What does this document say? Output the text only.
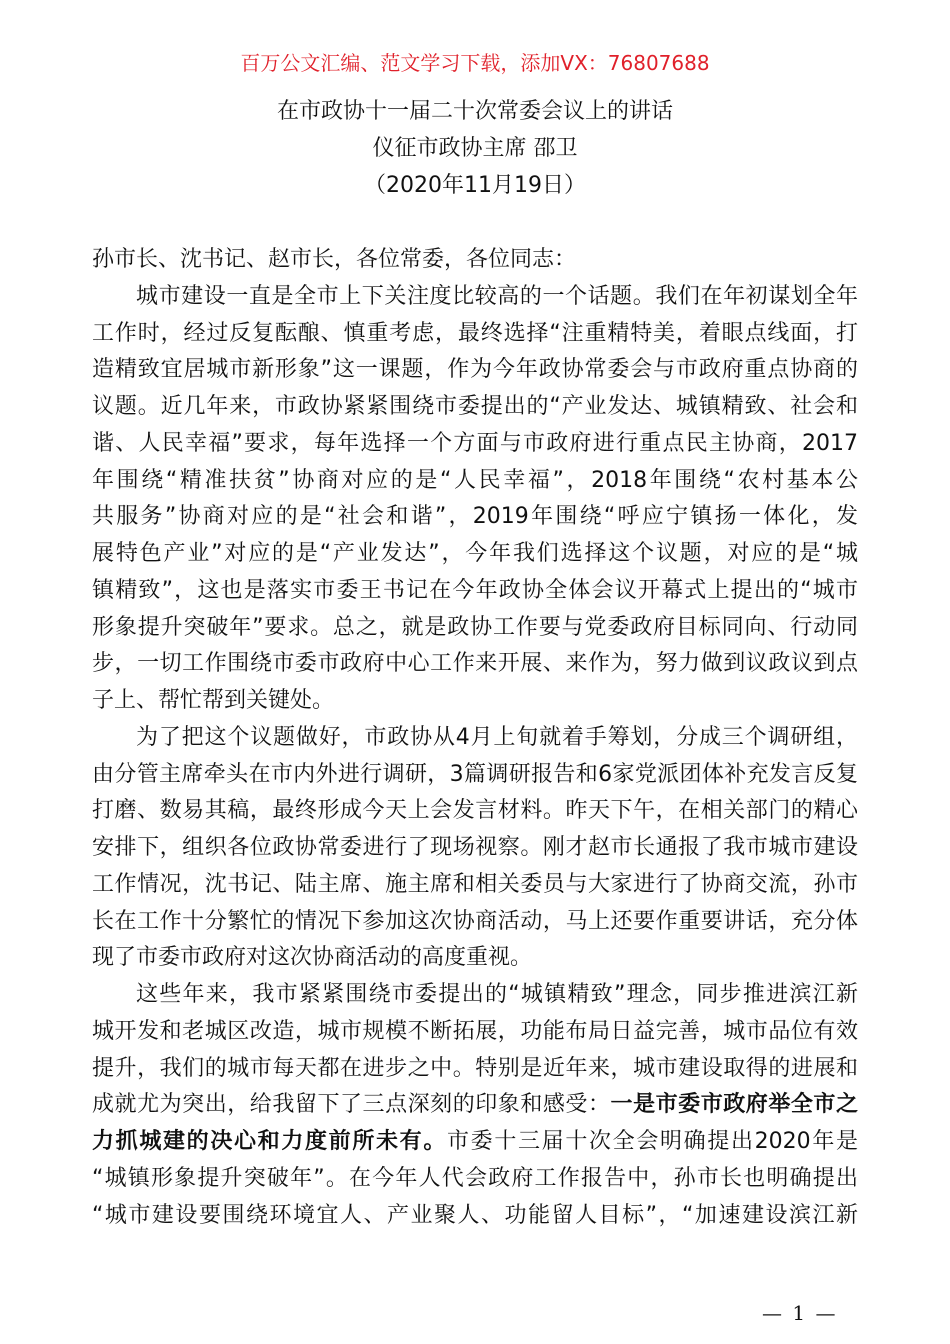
百万公文汇编、范文学习下载，添加VX：76807688
在市政协十一届二十次常委会议上的讲话
仪征市政协主席 邵卫
（2020年11月19日）
孙市长、沈书记、赵市长，各位常委，各位同志：
城市建设一直是全市上下关注度比较高的一个话题。我们在年初谋划全年
工作时，经过反复酝酿、慎重考虑，最终选择“注重精特美，着眼点线面，打
造精致宜居城市新形象”这一课题，作为今年政协常委会与市政府重点协商的
议题。近几年来，市政协紧紧围绕市委提出的“产业发达、城镇精致、社会和
谐、人民幸福”要求，每年选择一个方面与市政府进行重点民主协商，2017
年围绕“精准扶贫”协商对应的是“人民幸福”，2018年围绕“农村基本公
共服务”协商对应的是“社会和谐”，2019年围绕“呼应宁镇扬一体化，发
展特色产业”对应的是“产业发达”，今年我们选择这个议题，对应的是“城
镇精致”，这也是落实市委王书记在今年政协全体会议开幕式上提出的“城市
形象提升突破年”要求。总之，就是政协工作要与党委政府目标同向、行动同
步，一切工作围绕市委市政府中心工作来开展、来作为，努力做到议政议到点
子上、帮忙帮到关键处。
为了把这个议题做好，市政协从4月上旬就着手筹划，分成三个调研组，
由分管主席牵头在市内外进行调研，3篇调研报告和6家党派团体补充发言反复
打磨、数易其稿，最终形成今天上会发言材料。昨天下午，在相关部门的精心
安排下，组织各位政协常委进行了现场视察。刚才赵市长通报了我市城市建设
工作情况，沈书记、陆主席、施主席和相关委员与大家进行了协商交流，孙市
长在工作十分繁忙的情况下参加这次协商活动，马上还要作重要讲话，充分体
现了市委市政府对这次协商活动的高度重视。
这些年来，我市紧紧围绕市委提出的“城镇精致”理念，同步推进滨江新
城开发和老城区改造，城市规模不断拓展，功能布局日益完善，城市品位有效
提升，我们的城市每天都在进步之中。特别是近年来，城市建设取得的进展和
成就尤为突出，给我留下了三点深刻的印象和感受：一是市委市政府举全市之
力抓城建的决心和力度前所未有。市委十三届十次全会明确提出2020年是
“城镇形象提升突破年”。在今年人代会政府工作报告中，孙市长也明确提出
“城市建设要围绕环境宜人、产业聚人、功能留人目标”，“加速建设滨江新
— 1 —
